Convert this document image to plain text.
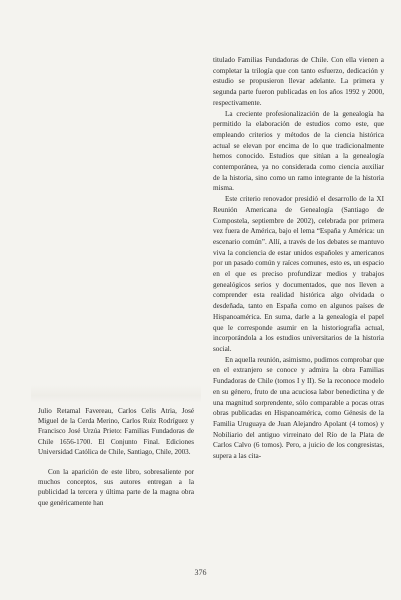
titulado Familias Fundadoras de Chile. Con ella vienen a completar la trilogía que con tanto esfuerzo, dedicación y estudio se propusieron llevar adelante. La primera y segunda parte fueron publicadas en los años 1992 y 2000, respectivamente.

La creciente profesionalización de la genealogía ha permitido la elaboración de estudios como este, que empleando criterios y métodos de la ciencia histórica actual se elevan por encima de lo que tradicionalmente hemos conocido. Estudios que sitúan a la genealogía contemporánea, ya no considerada como ciencia auxiliar de la historia, sino como un ramo integrante de la historia misma.

Este criterio renovador presidió el desarrollo de la XI Reunión Americana de Genealogía (Santiago de Compostela, septiembre de 2002), celebrada por primera vez fuera de América, bajo el lema “España y América: un escenario común”. Allí, a través de los debates se mantuvo viva la conciencia de estar unidos españoles y americanos por un pasado común y raíces comunes, esto es, un espacio en el que es preciso profundizar medios y trabajos genealógicos serios y documentados, que nos lleven a comprender esta realidad histórica algo olvidada o desdeñada, tanto en España como en algunos países de Hispanoamérica. En suma, darle a la genealogía el papel que le corresponde asumir en la historiografía actual, incorporándola a los estudios universitarios de la historia social.

En aquella reunión, asimismo, pudimos comprobar que en el extranjero se conoce y admira la obra Familias Fundadoras de Chile (tomos I y II). Se la reconoce modelo en su género, fruto de una acuciosa labor benedictina y de una magnitud sorprendente, sólo comparable a pocas otras obras publicadas en Hispanoamérica, como Génesis de la Familia Uruguaya de Juan Alejandro Apolant (4 tomos) y Nobiliario del antiguo virreinato del Río de la Plata de Carlos Calvo (6 tomos). Pero, a juicio de los congresistas, supera a las cita-

Julio Retamal Favereau, Carlos Celis Atria, José Miguel de la Cerda Merino, Carlos Ruiz Rodríguez y Francisco José Urzúa Prieto: Familias Fundadoras de Chile 1656-1700. El Conjunto Final. Ediciones Universidad Católica de Chile, Santiago, Chile, 2003.

Con la aparición de este libro, sobresaliente por muchos conceptos, sus autores entregan a la publicidad la tercera y última parte de la magna obra que genéricamente han

376
